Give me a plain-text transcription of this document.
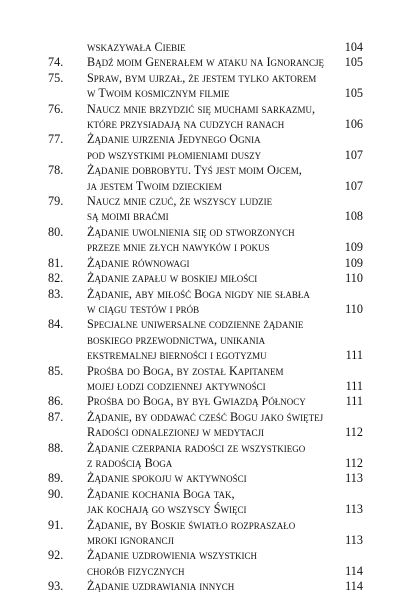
wskazywała Ciebie	104
74.	Bądź moim Generałem w ataku na Ignorancję	105
75.	Spraw, bym ujrzał, że jestem tylko aktorem
w Twoim kosmicznym filmie	105
76.	Naucz mnie brzydzić się muchami sarkazmu,
które przysiadają na cudzych ranach	106
77.	Żądanie ujrzenia Jedynego Ognia
pod wszystkimi płomieniami duszy	107
78.	Żądanie dobrobytu. Tyś jest moim Ojcem,
ja jestem Twoim dzieckiem	107
79.	Naucz mnie czuć, że wszyscy ludzie
są moimi braćmi	108
80.	Żądanie uwolnienia się od stworzonych
przeze mnie złych nawyków i pokus	109
81.	Żądanie równowagi	109
82.	Żądanie zapału w boskiej miłości	110
83.	Żądanie, aby miłość Boga nigdy nie słabła
w ciągu testów i prób	110
84.	Specjalne uniwersalne codzienne żądanie
boskiego przewodnictwa, unikania
ekstremalnej bierności i egotyzmu	111
85.	Prośba do Boga, by został Kapitanem
mojej łodzi codziennej aktywności	111
86.	Prośba do Boga, by był Gwiazdą Północy	111
87.	Żądanie, by oddawać cześć Bogu jako świętej
Radości odnalezionej w medytacji	112
88.	Żądanie czerpania radości ze wszystkiego
z radością Boga	112
89.	Żądanie spokoju w aktywności	113
90.	Żądanie kochania Boga tak,
jak kochają go wszyscy Święci	113
91.	Żądanie, by Boskie światło rozpraszało
mroki ignorancji	113
92.	Żądanie uzdrowienia wszystkich
chorób fizycznych	114
93.	Żądanie uzdrawiania innych	114
